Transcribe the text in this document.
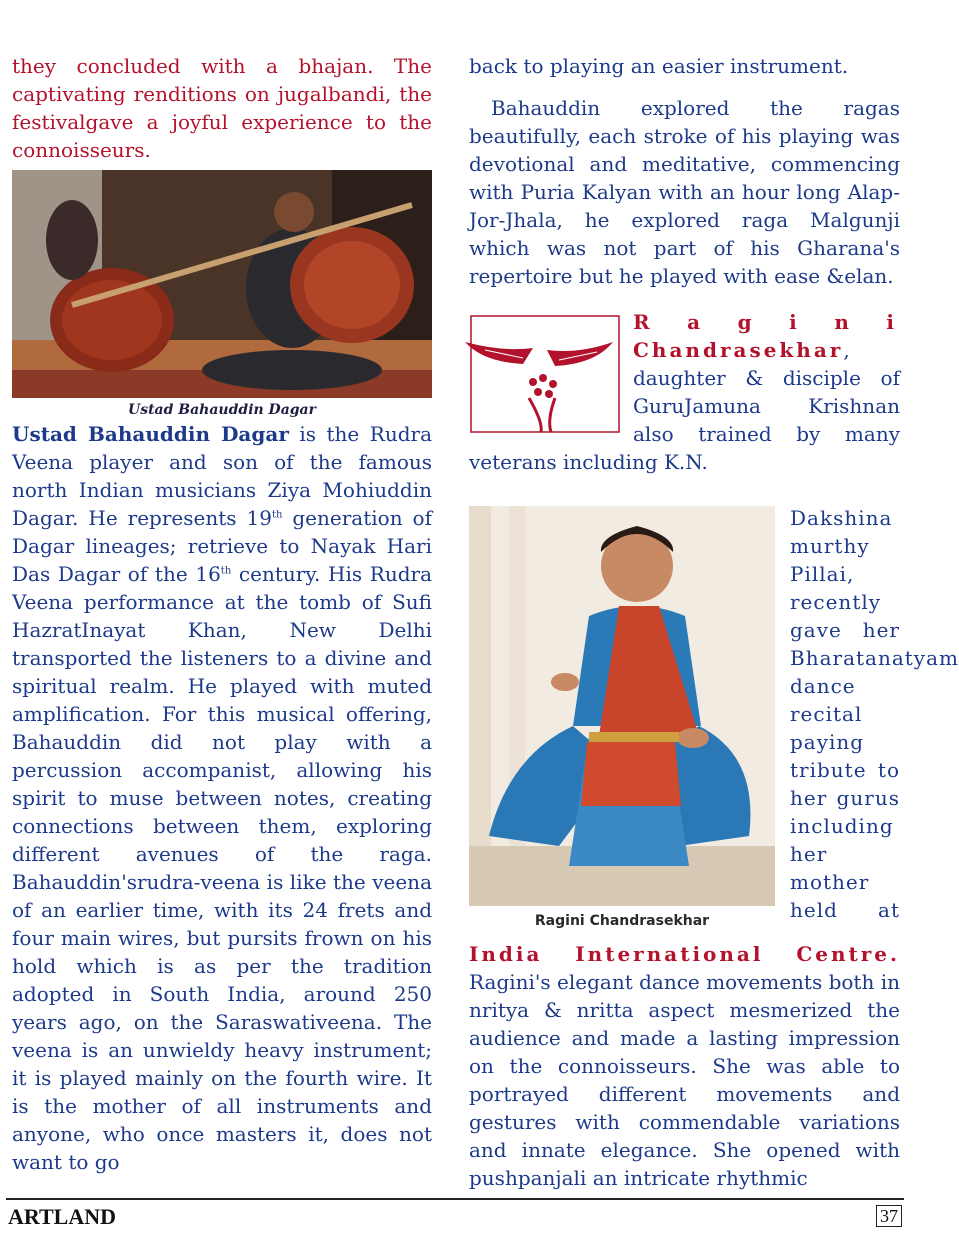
they concluded with a bhajan. The captivating renditions on jugalbandi, the festivalgave a joyful experience to the connoisseurs.

Ustad Bahauddin Dagar

Ustad Bahauddin Dagar is the Rudra Veena player and son of the famous north Indian musicians Ziya Mohiuddin Dagar. He represents 19th generation of Dagar lineages; retrieve to Nayak Hari Das Dagar of the 16th century. His Rudra Veena performance at the tomb of Sufi HazratInayat Khan, New Delhi transported the listeners to a divine and spiritual realm. He played with muted amplification. For this musical offering, Bahauddin did not play with a percussion accompanist, allowing his spirit to muse between notes, creating connections between them, exploring different avenues of the raga. Bahauddin'srudra-veena is like the veena of an earlier time, with its 24 frets and four main wires, but pursits frown on his hold which is as per the tradition adopted in South India, around 250 years ago, on the Saraswativeena. The veena is an unwieldy heavy instrument; it is played mainly on the fourth wire. It is the mother of all instruments and anyone, who once masters it, does not want to go

back to playing an easier instrument.

Bahauddin explored the ragas beautifully, each stroke of his playing was devotional and meditative, commencing with Puria Kalyan with an hour long Alap-Jor-Jhala, he explored raga Malgunji which was not part of his Gharana's repertoire but he played with ease &elan.

R a g i n i Chandrasekhar, daughter & disciple of GuruJamuna Krishnan also trained by many veterans including K.N.

Ragini Chandrasekhar

Dakshina murthy Pillai, recently gave her Bharatanatyam dance recital paying tribute to her gurus including her mother held at

India International Centre. Ragini's elegant dance movements both in nritya & nritta aspect mesmerized the audience and made a lasting impression on the connoisseurs. She was able to portrayed different movements and gestures with commendable variations and innate elegance. She opened with pushpanjali an intricate rhythmic

ARTLAND	37
